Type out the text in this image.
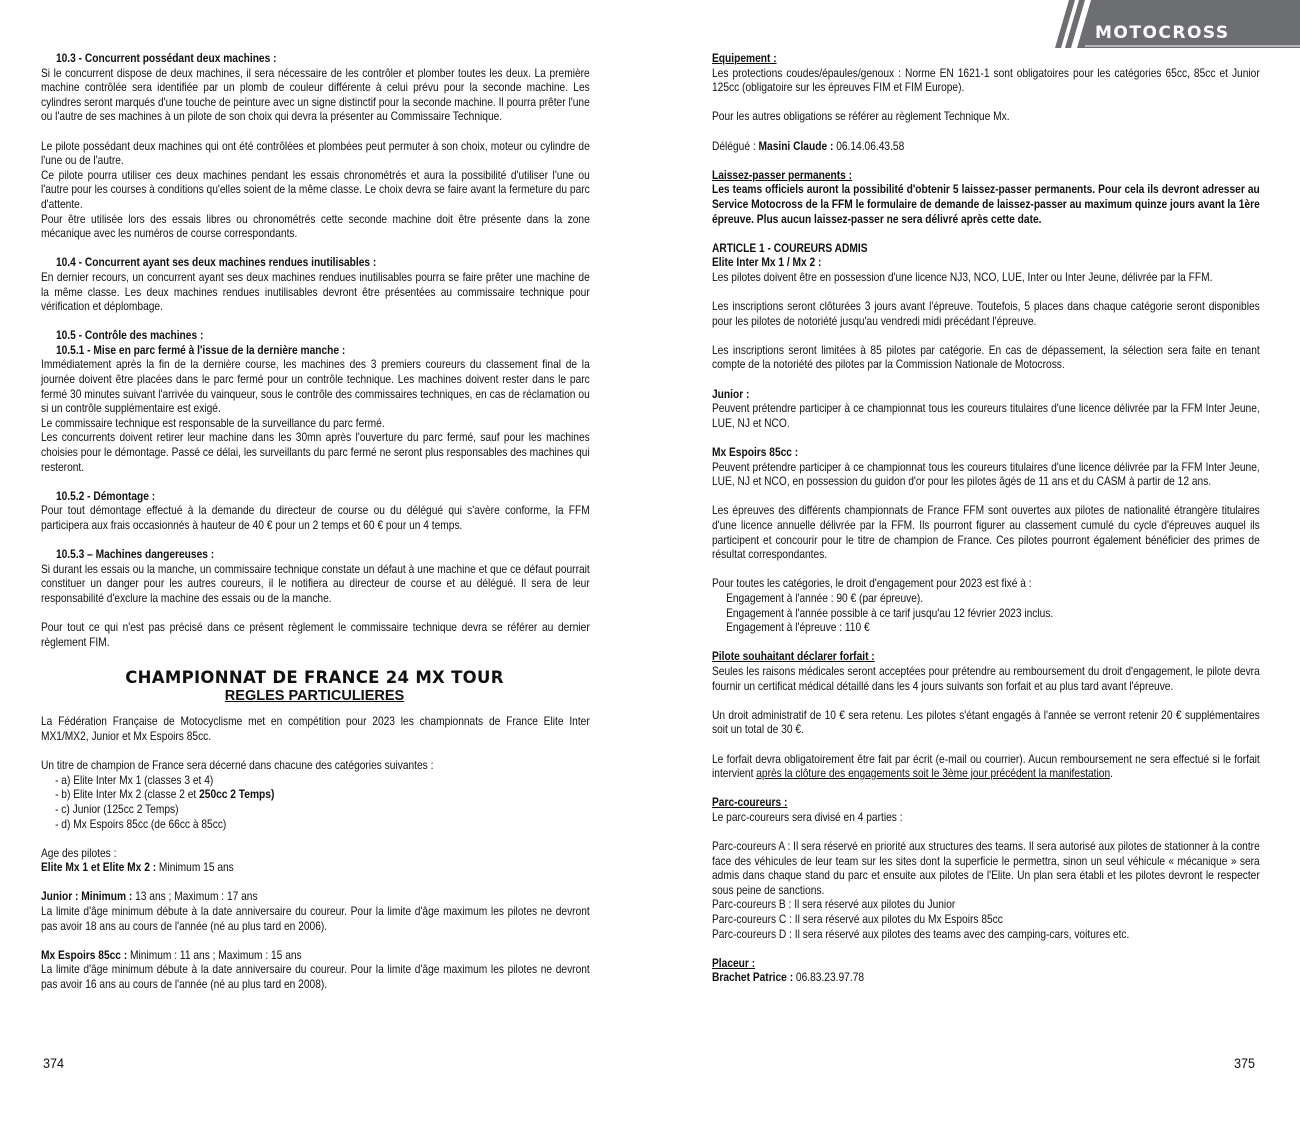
MOTOCROSS

10.3 - Concurrent possédant deux machines :

Si le concurrent dispose de deux machines, il sera nécessaire de les contrôler et plomber toutes les deux. La première machine contrôlée sera identifiée par un plomb de couleur différente à celui prévu pour la seconde machine. Les cylindres seront marqués d'une touche de peinture avec un signe distinctif pour la seconde machine. Il pourra prêter l'une ou l'autre de ses machines à un pilote de son choix qui devra la présenter au Commissaire Technique.

Le pilote possédant deux machines qui ont été contrôlées et plombées peut permuter à son choix, moteur ou cylindre de l'une ou de l'autre.

Ce pilote pourra utiliser ces deux machines pendant les essais chronométrés et aura la possibilité d'utiliser l'une ou l'autre pour les courses à conditions qu'elles soient de la même classe. Le choix devra se faire avant la fermeture du parc d'attente.

Pour être utilisée lors des essais libres ou chronométrés cette seconde machine doit être présente dans la zone mécanique avec les numéros de course correspondants.

10.4 - Concurrent ayant ses deux machines rendues inutilisables :

En dernier recours, un concurrent ayant ses deux machines rendues inutilisables pourra se faire prêter une machine de la même classe. Les deux machines rendues inutilisables devront être présentées au commissaire technique pour vérification et déplombage.

10.5 - Contrôle des machines :

10.5.1 - Mise en parc fermé à l'issue de la dernière manche :

Immédiatement après la fin de la dernière course, les machines des 3 premiers coureurs du classement final de la journée doivent être placées dans le parc fermé pour un contrôle technique. Les machines doivent rester dans le parc fermé 30 minutes suivant l'arrivée du vainqueur, sous le contrôle des commissaires techniques, en cas de réclamation ou si un contrôle supplémentaire est exigé.

Le commissaire technique est responsable de la surveillance du parc fermé.

Les concurrents doivent retirer leur machine dans les 30mn après l'ouverture du parc fermé, sauf pour les machines choisies pour le démontage. Passé ce délai, les surveillants du parc fermé ne seront plus responsables des machines qui resteront.

10.5.2 - Démontage :

Pour tout démontage effectué à la demande du directeur de course ou du délégué qui s'avère conforme, la FFM participera aux frais occasionnés à hauteur de 40 € pour un 2 temps et 60 € pour un 4 temps.

10.5.3 – Machines dangereuses :

Si durant les essais ou la manche, un commissaire technique constate un défaut à une machine et que ce défaut pourrait constituer un danger pour les autres coureurs, il le notifiera au directeur de course et au délégué. Il sera de leur responsabilité d'exclure la machine des essais ou de la manche.

Pour tout ce qui n'est pas précisé dans ce présent règlement le commissaire technique devra se référer au dernier règlement FIM.

CHAMPIONNAT DE FRANCE 24 MX TOUR

REGLES PARTICULIERES

La Fédération Française de Motocyclisme met en compétition pour 2023 les championnats de France Elite Inter MX1/MX2, Junior et Mx Espoirs 85cc.

Un titre de champion de France sera décerné dans chacune des catégories suivantes :

- a) Elite Inter Mx 1 (classes 3 et 4)

- b) Elite Inter Mx 2 (classe 2 et 250cc 2 Temps)

- c) Junior (125cc 2 Temps)

- d) Mx Espoirs 85cc (de 66cc à 85cc)

Age des pilotes :

Elite Mx 1 et Elite Mx 2 : Minimum 15 ans

Junior : Minimum : 13 ans ; Maximum : 17 ans

La limite d'âge minimum débute à la date anniversaire du coureur. Pour la limite d'âge maximum les pilotes ne devront pas avoir 18 ans au cours de l'année (né au plus tard en 2006).

Mx Espoirs 85cc : Minimum : 11 ans ; Maximum : 15 ans

La limite d'âge minimum débute à la date anniversaire du coureur. Pour la limite d'âge maximum les pilotes ne devront pas avoir 16 ans au cours de l'année (né au plus tard en 2008).

374

Equipement :

Les protections coudes/épaules/genoux : Norme EN 1621-1 sont obligatoires pour les catégories 65cc, 85cc et Junior 125cc (obligatoire sur les épreuves FIM et FIM Europe).

Pour les autres obligations se référer au règlement Technique Mx.

Délégué : Masini Claude : 06.14.06.43.58

Laissez-passer permanents :

Les teams officiels auront la possibilité d'obtenir 5 laissez-passer permanents. Pour cela ils devront adresser au Service Motocross de la FFM le formulaire de demande de laissez-passer au maximum quinze jours avant la 1ère épreuve. Plus aucun laissez-passer ne sera délivré après cette date.

ARTICLE 1 - COUREURS ADMIS

Elite Inter Mx 1 / Mx 2 :

Les pilotes doivent être en possession d'une licence NJ3, NCO, LUE, Inter ou Inter Jeune, délivrée par la FFM.

Les inscriptions seront clôturées 3 jours avant l'épreuve. Toutefois, 5 places dans chaque catégorie seront disponibles pour les pilotes de notoriété jusqu'au vendredi midi précédant l'épreuve.

Les inscriptions seront limitées à 85 pilotes par catégorie. En cas de dépassement, la sélection sera faite en tenant compte de la notoriété des pilotes par la Commission Nationale de Motocross.

Junior :

Peuvent prétendre participer à ce championnat tous les coureurs titulaires d'une licence délivrée par la FFM Inter Jeune, LUE, NJ et NCO.

Mx Espoirs 85cc :

Peuvent prétendre participer à ce championnat tous les coureurs titulaires d'une licence délivrée par la FFM Inter Jeune, LUE, NJ et NCO, en possession du guidon d'or pour les pilotes âgés de 11 ans et du CASM à partir de 12 ans.

Les épreuves des différents championnats de France FFM sont ouvertes aux pilotes de nationalité étrangère titulaires d'une licence annuelle délivrée par la FFM. Ils pourront figurer au classement cumulé du cycle d'épreuves auquel ils participent et concourir pour le titre de champion de France. Ces pilotes pourront également bénéficier des primes de résultat correspondantes.

Pour toutes les catégories, le droit d'engagement pour 2023 est fixé à :

Engagement à l'année : 90 € (par épreuve).

Engagement à l'année possible à ce tarif jusqu'au 12 février 2023 inclus.

Engagement à l'épreuve : 110 €

Pilote souhaitant déclarer forfait :

Seules les raisons médicales seront acceptées pour prétendre au remboursement du droit d'engagement, le pilote devra fournir un certificat médical détaillé dans les 4 jours suivants son forfait et au plus tard avant l'épreuve.

Un droit administratif de 10 € sera retenu. Les pilotes s'étant engagés à l'année se verront retenir 20 € supplémentaires soit un total de 30 €.

Le forfait devra obligatoirement être fait par écrit (e-mail ou courrier). Aucun remboursement ne sera effectué si le forfait intervient après la clôture des engagements soit le 3ème jour précédent la manifestation.

Parc-coureurs :

Le parc-coureurs sera divisé en 4 parties :

Parc-coureurs A : Il sera réservé en priorité aux structures des teams. Il sera autorisé aux pilotes de stationner à la contre face des véhicules de leur team sur les sites dont la superficie le permettra, sinon un seul véhicule « mécanique » sera admis dans chaque stand du parc et ensuite aux pilotes de l'Elite. Un plan sera établi et les pilotes devront le respecter sous peine de sanctions.

Parc-coureurs B : Il sera réservé aux pilotes du Junior

Parc-coureurs C : Il sera réservé aux pilotes du Mx Espoirs 85cc

Parc-coureurs D : Il sera réservé aux pilotes des teams avec des camping-cars, voitures etc.

Placeur :

Brachet Patrice : 06.83.23.97.78

375
